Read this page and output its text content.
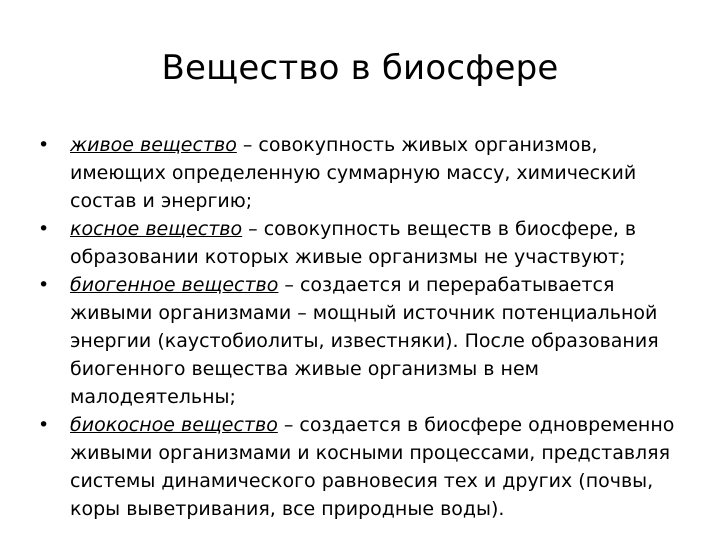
Вещество в биосфере
•	живое вещество – совокупность живых организмов, имеющих определенную суммарную массу, химический состав и энергию;
•	косное вещество – совокупность веществ в биосфере, в образовании которых живые организмы не участвуют;
•	биогенное вещество – создается и перерабатывается живыми организмами – мощный источник потенциальной энергии (каустобиолиты, известняки). После образования биогенного вещества живые организмы в нем малодеятельны;
•	биокосное вещество – создается в биосфере одновременно живыми организмами и косными процессами, представляя системы динамического равновесия тех и других (почвы, коры выветривания, все природные воды).
